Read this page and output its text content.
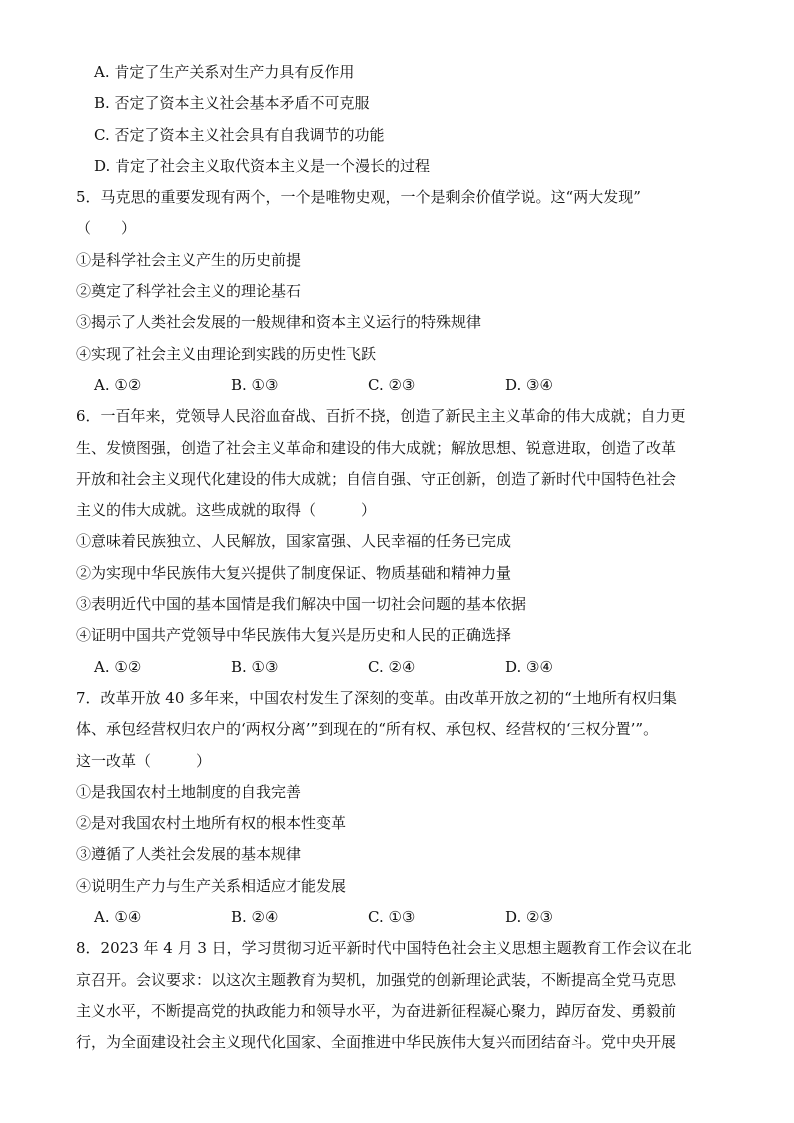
A. 肯定了生产关系对生产力具有反作用
B. 否定了资本主义社会基本矛盾不可克服
C. 否定了资本主义社会具有自我调节的功能
D. 肯定了社会主义取代资本主义是一个漫长的过程
5．马克思的重要发现有两个，一个是唯物史观，一个是剩余价值学说。这“两大发现”
（　　）
①是科学社会主义产生的历史前提
②奠定了科学社会主义的理论基石
③揭示了人类社会发展的一般规律和资本主义运行的特殊规律
④实现了社会主义由理论到实践的历史性飞跃
A. ①②	B. ①③	C. ②③	D. ③④
6．一百年来，党领导人民浴血奋战、百折不挠，创造了新民主主义革命的伟大成就；自力更
生、发愤图强，创造了社会主义革命和建设的伟大成就；解放思想、锐意进取，创造了改革
开放和社会主义现代化建设的伟大成就；自信自强、守正创新，创造了新时代中国特色社会
主义的伟大成就。这些成就的取得（　　　）
①意味着民族独立、人民解放，国家富强、人民幸福的任务已完成
②为实现中华民族伟大复兴提供了制度保证、物质基础和精神力量
③表明近代中国的基本国情是我们解决中国一切社会问题的基本依据
④证明中国共产党领导中华民族伟大复兴是历史和人民的正确选择
A. ①②	B. ①③	C. ②④	D. ③④
7．改革开放 40 多年来，中国农村发生了深刻的变革。由改革开放之初的“土地所有权归集
体、承包经营权归农户的‘两权分离’”到现在的“所有权、承包权、经营权的‘三权分置’”。
这一改革（　　　）
①是我国农村土地制度的自我完善
②是对我国农村土地所有权的根本性变革
③遵循了人类社会发展的基本规律
④说明生产力与生产关系相适应才能发展
A. ①④	B. ②④	C. ①③	D. ②③
8．2023 年 4 月 3 日，学习贯彻习近平新时代中国特色社会主义思想主题教育工作会议在北
京召开。会议要求：以这次主题教育为契机，加强党的创新理论武装，不断提高全党马克思
主义水平，不断提高党的执政能力和领导水平，为奋进新征程凝心聚力，踔厉奋发、勇毅前
行，为全面建设社会主义现代化国家、全面推进中华民族伟大复兴而团结奋斗。党中央开展
